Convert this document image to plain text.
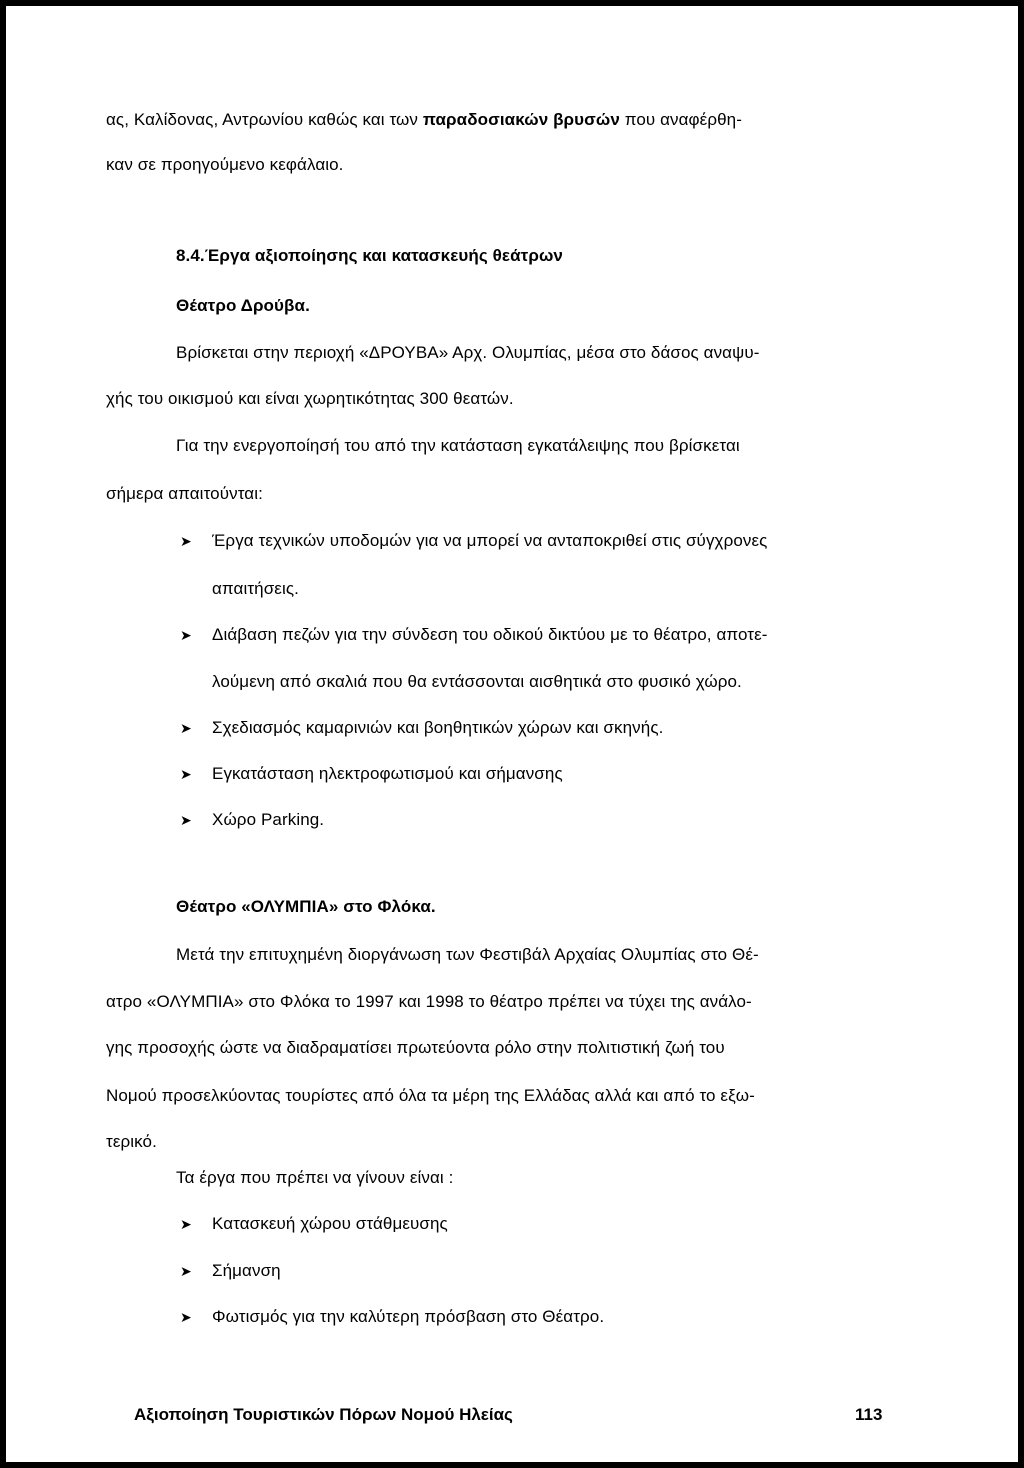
ας, Καλίδονας, Αντρωνίου καθώς και των παραδοσιακών βρυσών που αναφέρθη-
καν σε προηγούμενο κεφάλαιο.
8.4.Έργα αξιοποίησης και κατασκευής θεάτρων
Θέατρο Δρούβα.
Βρίσκεται στην περιοχή «ΔΡΟΥΒΑ» Αρχ. Ολυμπίας, μέσα στο δάσος αναψυ-
χής του οικισμού και είναι χωρητικότητας 300 θεατών.
Για την ενεργοποίησή του από την κατάσταση εγκατάλειψης που βρίσκεται
σήμερα απαιτούνται:
➤ Έργα τεχνικών υποδομών για να μπορεί να ανταποκριθεί στις σύγχρονες
απαιτήσεις.
➤ Διάβαση πεζών για την σύνδεση του οδικού δικτύου με το θέατρο, αποτε-
λούμενη από σκαλιά που θα εντάσσονται αισθητικά στο φυσικό χώρο.
➤ Σχεδιασμός καμαρινιών και βοηθητικών χώρων και σκηνής.
➤ Εγκατάσταση ηλεκτροφωτισμού και σήμανσης
➤ Χώρο Parking.
Θέατρο «ΟΛΥΜΠΙΑ» στο Φλόκα.
Μετά την επιτυχημένη διοργάνωση των Φεστιβάλ Αρχαίας Ολυμπίας στο Θέ-
ατρο «ΟΛΥΜΠΙΑ» στο Φλόκα το 1997 και 1998 το θέατρο πρέπει να τύχει της ανάλο-
γης προσοχής ώστε να διαδραματίσει πρωτεύοντα ρόλο στην πολιτιστική ζωή του
Νομού προσελκύοντας τουρίστες από όλα τα μέρη της Ελλάδας αλλά και από το εξω-
τερικό.
Τα έργα που πρέπει να γίνουν είναι :
➤ Κατασκευή χώρου στάθμευσης
➤ Σήμανση
➤ Φωτισμός για την καλύτερη πρόσβαση στο Θέατρο.
Αξιοποίηση Τουριστικών Πόρων Νομού Ηλείας	113
